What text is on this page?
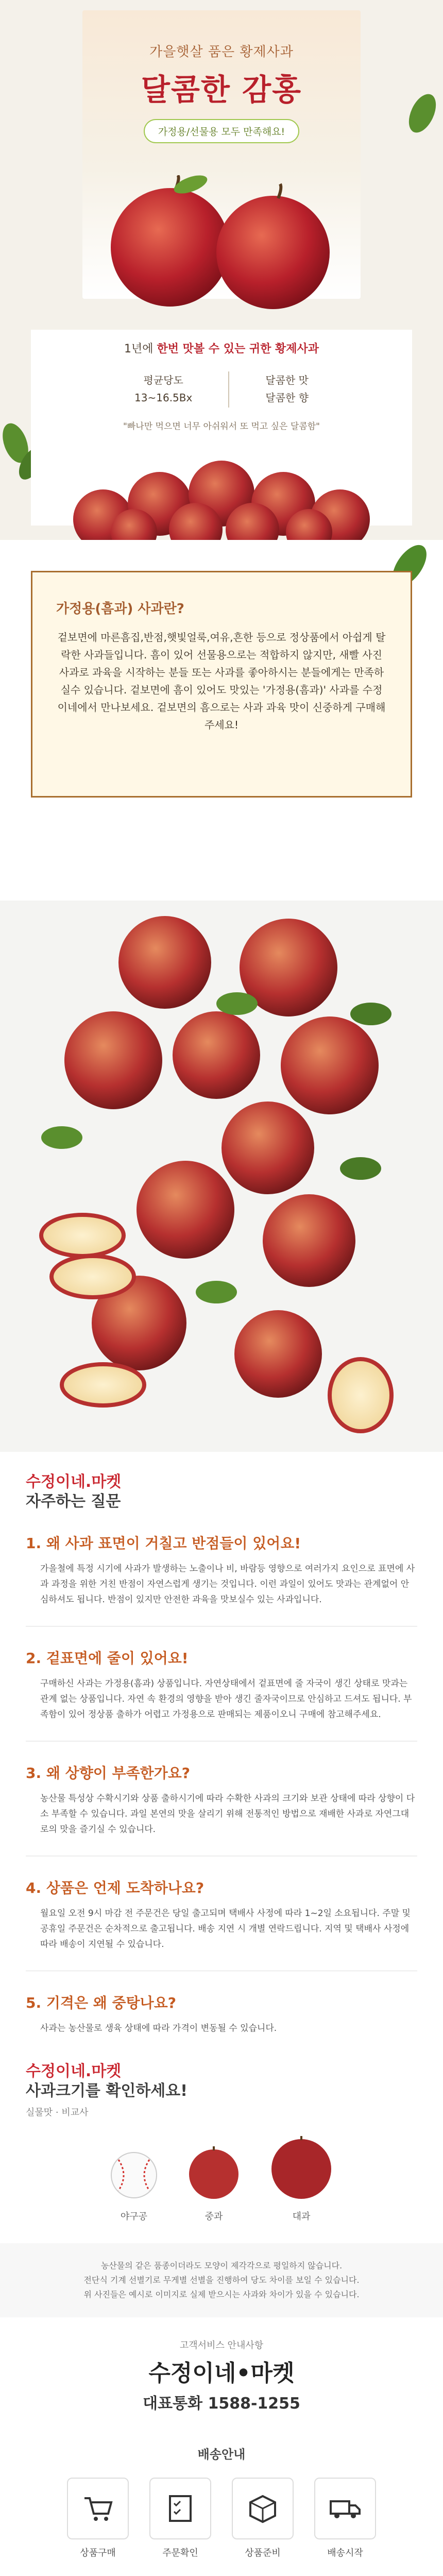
가을햇살 품은 황제사과
달콤한 감홍
가정용/선물용 모두 만족해요!
1년에 한번 맛볼 수 있는 귀한 황제사과
평균당도
13~16.5Bx
달콤한 맛
달콤한 향
"빠나만 먹으면 너무 아쉬워서 또 먹고 싶은 달콤함"
가정용(흠과) 사과란?

겉보면에 마른흠집,반점,햇빛얼룩,여유,흔한 등으로 정상품에서 아쉽게 탈락한 사과들입니다. 흠이 있어 선물용으로는 적합하지 않지만, 새빨 사진 사과로 과육을 시작하는 분들 또는 사과를 좋아하시는 분들에게는 만족하실수 있습니다. 겉보면에 흠이 있어도 맛있는 '가정용(흠과)' 사과를 수정이네에서 만나보세요. 겉보면의 흠으로는 사과 과육 맛이 신중하게 구매해주세요!

수정이네.마켓
자주하는 질문
1. 왜 사과 표면이 거칠고 반점들이 있어요!
가을철에 특정 시기에 사과가 발생하는 노출이나 비, 바람등 영향으로 여러가지 요인으로 표면에 사과 과정을 위한 거친 반점이 자연스럽게 생기는 것입니다. 이런 과일이 있어도 맛과는 관계없어 안심하셔도 됩니다. 반점이 있지만 안전한 과육을 맛보실수 있는 사과입니다.
2. 겉표면에 줄이 있어요!
구매하신 사과는 가정용(흠과) 상품입니다. 자연상태에서 겉표면에 줄 자국이 생긴 상태로 맛과는 관계 없는 상품입니다. 자연 속 환경의 영향을 받아 생긴 줄자국이므로 안심하고 드셔도 됩니다. 부족함이 있어 정상품 출하가 어렵고 가정용으로 판매되는 제품이오니 구매에 참고해주세요.
3. 왜 상향이 부족한가요?
농산물 특성상 수확시기와 상품 출하시기에 따라 수확한 사과의 크기와 보관 상태에 따라 상향이 다소 부족할 수 있습니다. 과일 본연의 맛을 살리기 위해 전통적인 방법으로 재배한 사과로 자연그대로의 맛을 즐기실 수 있습니다.
4. 상품은 언제 도착하나요?
월요일 오전 9시 마감 전 주문건은 당일 출고되며 택배사 사정에 따라 1~2일 소요됩니다. 주말 및 공휴일 주문건은 순차적으로 출고됩니다. 배송 지연 시 개별 연락드립니다. 지역 및 택배사 사정에 따라 배송이 지연될 수 있습니다.
5. 기격은 왜 중탕나요?
사과는 농산물로 생육 상태에 따라 가격이 변동될 수 있습니다.
수정이네.마켓
사과크기를 확인하세요!
실물맛 · 비교사
야구공	중과	대과
농산물의 같은 품종이더라도 모양이 제각각으로 평일하지 않습니다.
전단식 기계 선별기로 무게별 선별을 진행하여 당도 차이를 보일 수 있습니다.
위 사진들은 예시로 이미지로 실제 받으시는 사과와 차이가 있을 수 있습니다.
고객서비스 안내사항
수정이네•마켓
대표통화 1588-1255
배송안내
상품구매	주문확인	상품준비	배송시작
